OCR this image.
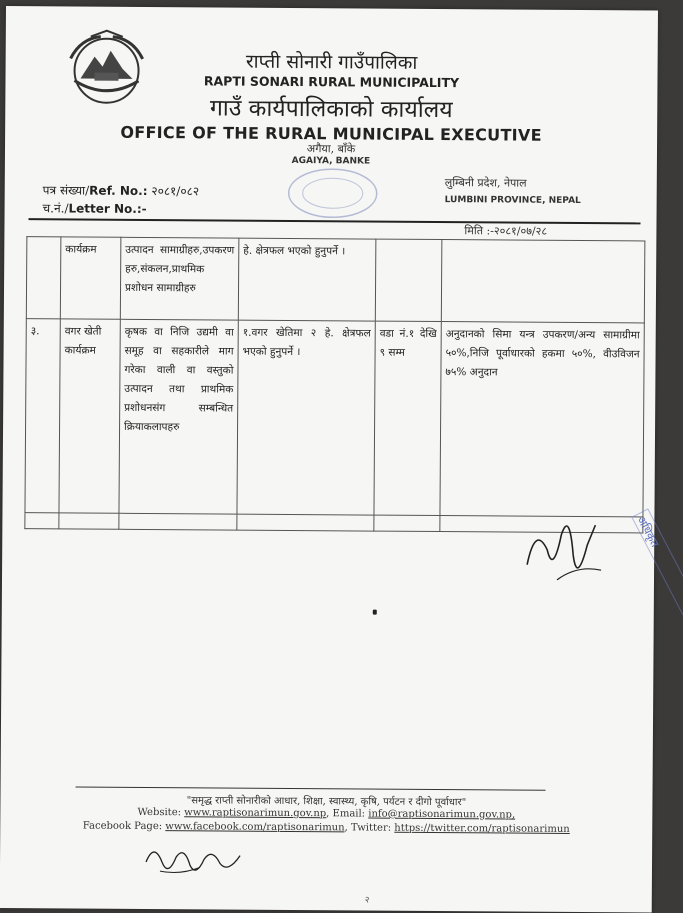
राप्ती सोनारी गाउँपालिका
RAPTI SONARI RURAL MUNICIPALITY
गाउँ कार्यपालिकाको कार्यालय
OFFICE OF THE RURAL MUNICIPAL EXECUTIVE
अगैया, बाँके
AGAIYA, BANKE
पत्र संख्या/Ref. No.: २०८१/०८२
च.नं./Letter No.:-
लुम्बिनी प्रदेश, नेपाल
LUMBINI PROVINCE, NEPAL
मिति :-२०८१/०७/२८
	कार्यक्रम	उत्पादन सामाग्रीहरु,उपकरण हरु,संकलन,प्राथमिक प्रशोधन सामाग्रीहरु	हे. क्षेत्रफल भएको हुनुपर्ने ।		
३.	वगर खेती कार्यक्रम	कृषक वा निजि उद्यमी वा समूह वा सहकारीले माग गरेका वाली वा वस्तुको उत्पादन तथा प्राथमिक प्रशोधनसंग सम्बन्धित क्रियाकलापहरु	१.वगर खेतिमा २ हे. क्षेत्रफल भएको हुनुपर्ने ।	वडा नं.१ देखि ९ सम्म	अनुदानको सिमा यन्त्र उपकरण/अन्य सामाग्रीमा ५०%,निजि पूर्वाधारको हकमा ५०%, वीउविजन ७५% अनुदान

अधिकृत
"समृद्ध राप्ती सोनारीको आधार, शिक्षा, स्वास्थ्य, कृषि, पर्यटन र दीगो पूर्वाधार"
Website: www.raptisonarimun.gov.np, Email: info@raptisonarimun.gov.np,
Facebook Page: www.facebook.com/raptisonarimun, Twitter: https://twitter.com/raptisonarimun
२
